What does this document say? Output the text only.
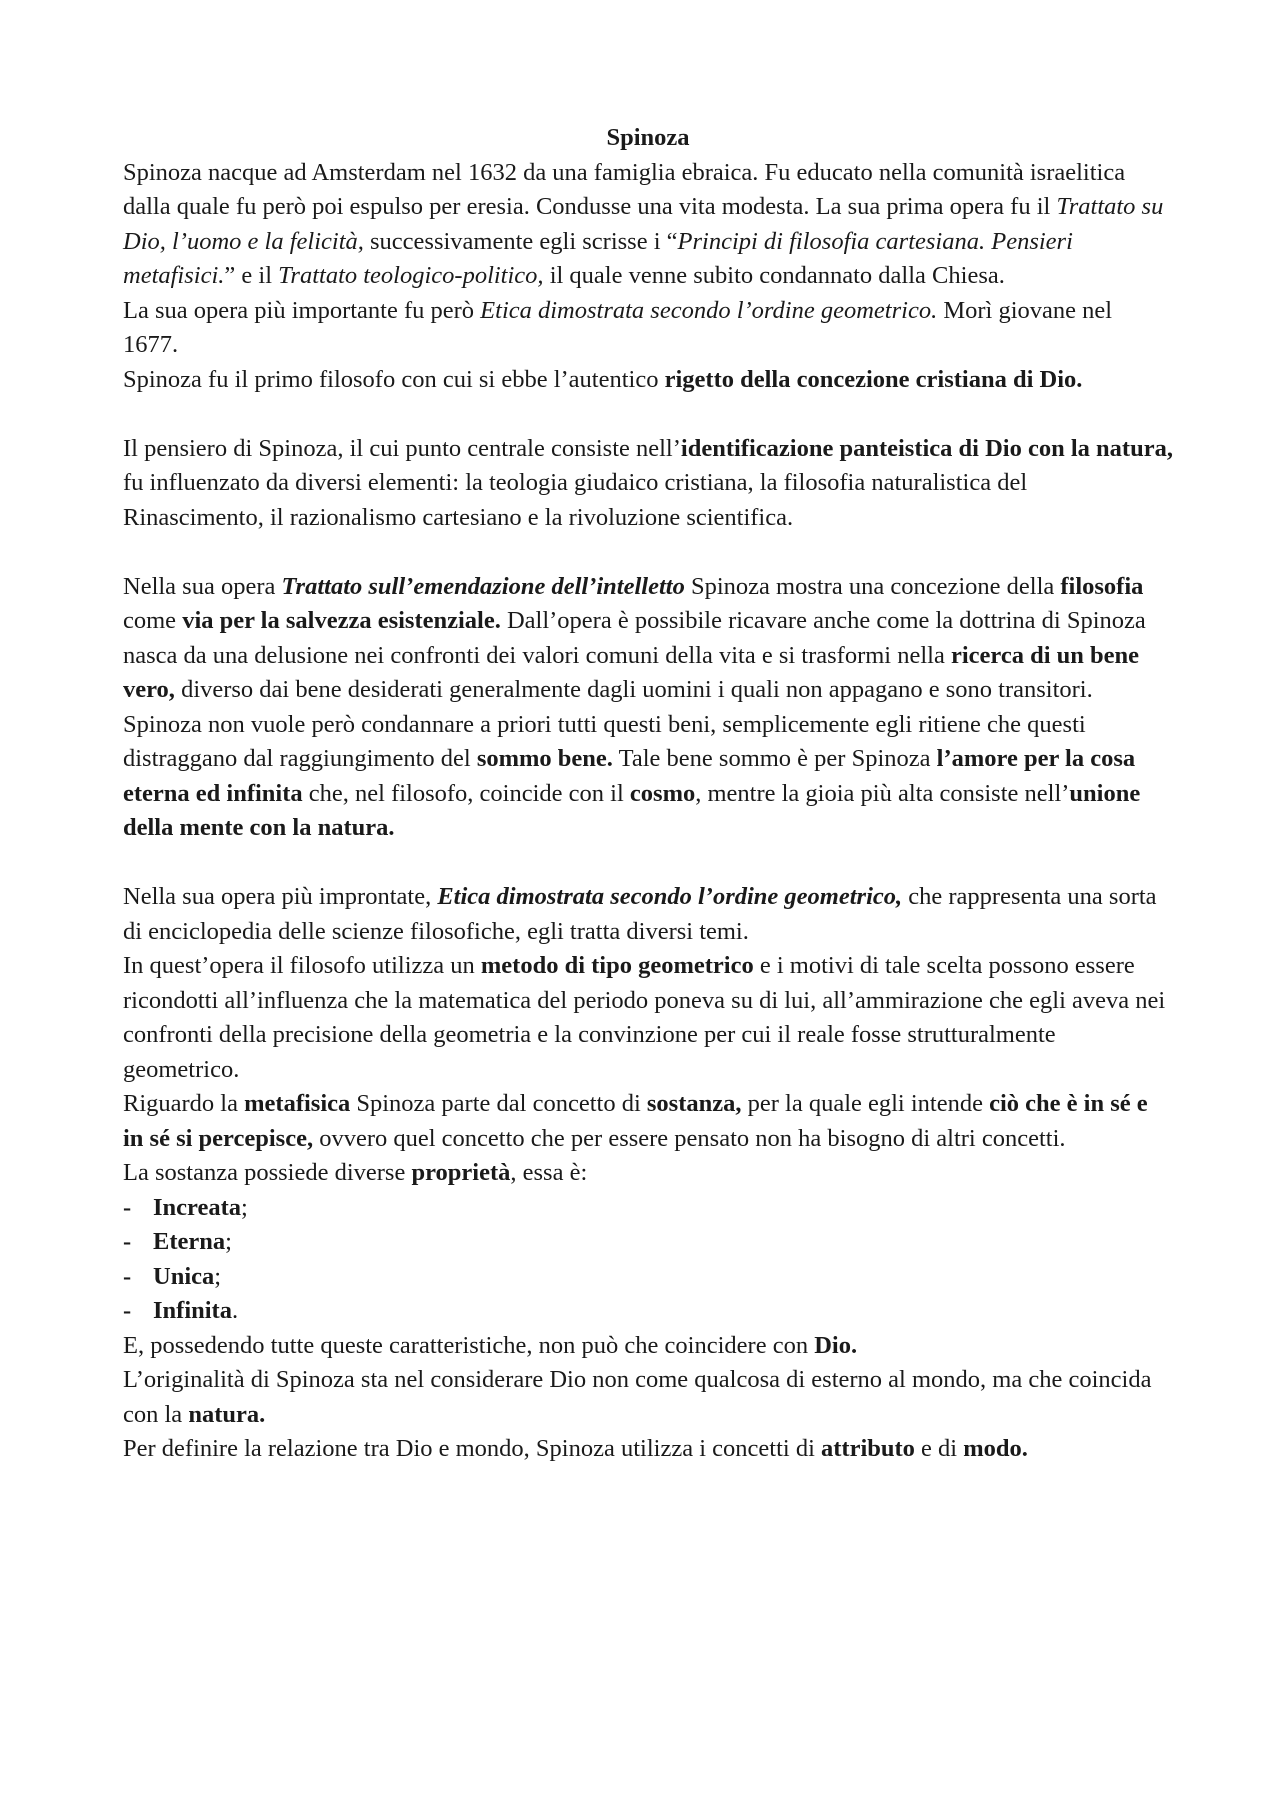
Spinoza

Spinoza nacque ad Amsterdam nel 1632 da una famiglia ebraica. Fu educato nella comunità israelitica dalla quale fu però poi espulso per eresia. Condusse una vita modesta. La sua prima opera fu il Trattato su Dio, l’uomo e la felicità, successivamente egli scrisse i “Principi di filosofia cartesiana. Pensieri metafisici.” e il Trattato teologico-politico, il quale venne subito condannato dalla Chiesa.

La sua opera più importante fu però Etica dimostrata secondo l’ordine geometrico. Morì giovane nel 1677.

Spinoza fu il primo filosofo con cui si ebbe l’autentico rigetto della concezione cristiana di Dio.

Il pensiero di Spinoza, il cui punto centrale consiste nell’identificazione panteistica di Dio con la natura, fu influenzato da diversi elementi: la teologia giudaico cristiana, la filosofia naturalistica del Rinascimento, il razionalismo cartesiano e la rivoluzione scientifica.

Nella sua opera Trattato sull’emendazione dell’intelletto Spinoza mostra una concezione della filosofia come via per la salvezza esistenziale. Dall’opera è possibile ricavare anche come la dottrina di Spinoza nasca da una delusione nei confronti dei valori comuni della vita e si trasformi nella ricerca di un bene vero, diverso dai bene desiderati generalmente dagli uomini i quali non appagano e sono transitori. Spinoza non vuole però condannare a priori tutti questi beni, semplicemente egli ritiene che questi distraggano dal raggiungimento del sommo bene. Tale bene sommo è per Spinoza l’amore per la cosa eterna ed infinita che, nel filosofo, coincide con il cosmo, mentre la gioia più alta consiste nell’unione della mente con la natura.

Nella sua opera più improntate, Etica dimostrata secondo l’ordine geometrico, che rappresenta una sorta di enciclopedia delle scienze filosofiche, egli tratta diversi temi.

In quest’opera il filosofo utilizza un metodo di tipo geometrico e i motivi di tale scelta possono essere ricondotti all’influenza che la matematica del periodo poneva su di lui, all’ammirazione che egli aveva nei confronti della precisione della geometria e la convinzione per cui il reale fosse strutturalmente geometrico.

Riguardo la metafisica Spinoza parte dal concetto di sostanza, per la quale egli intende ciò che è in sé e in sé si percepisce, ovvero quel concetto che per essere pensato non ha bisogno di altri concetti.

La sostanza possiede diverse proprietà, essa è:

- Increata;
- Eterna;
- Unica;
- Infinita.

E, possedendo tutte queste caratteristiche, non può che coincidere con Dio.

L’originalità di Spinoza sta nel considerare Dio non come qualcosa di esterno al mondo, ma che coincida con la natura.

Per definire la relazione tra Dio e mondo, Spinoza utilizza i concetti di attributo e di modo.
